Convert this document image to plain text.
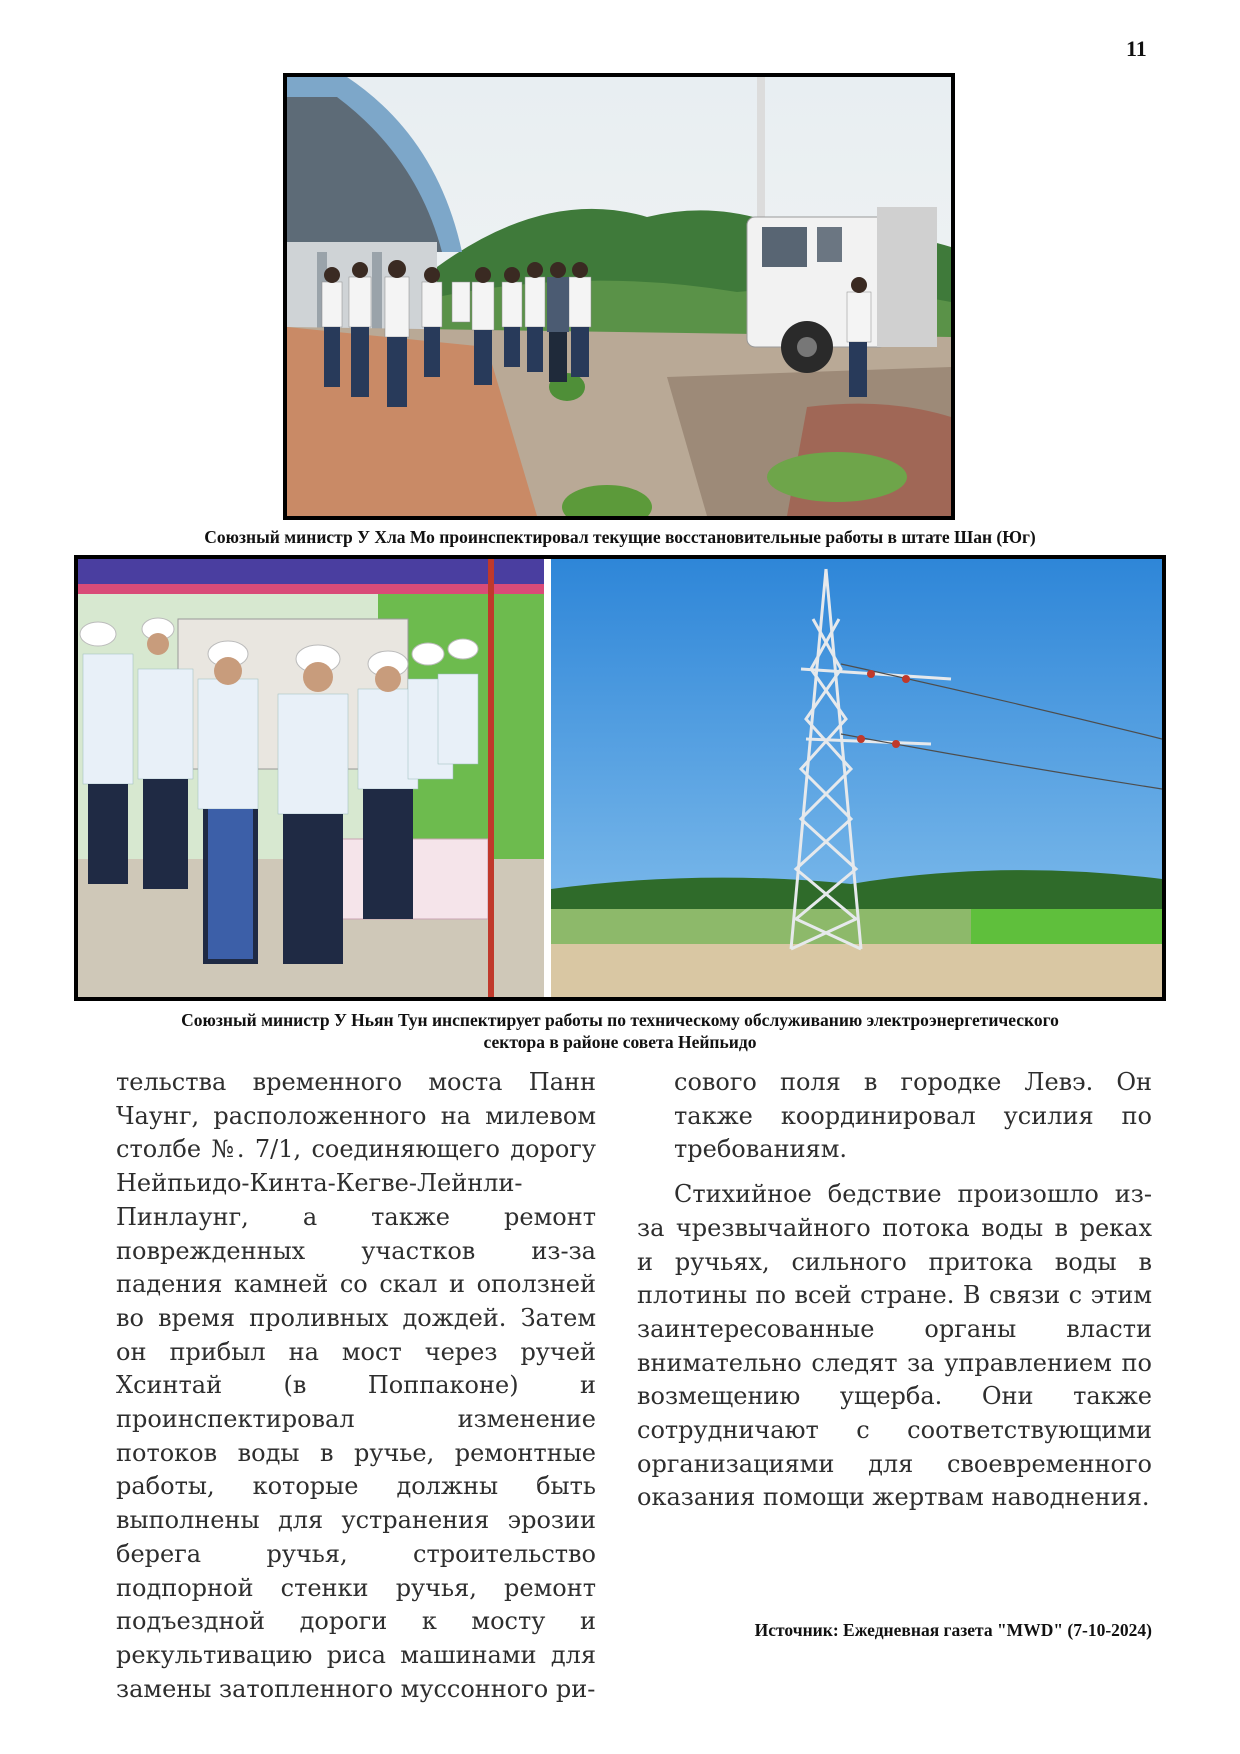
11
Союзный министр У Хла Мо проинспектировал текущие восстановительные работы в штате Шан (Юг)
Союзный министр У Ньян Тун инспектирует работы по техническому обслуживанию электроэнергетического
сектора в районе совета Нейпьидо

тельства временного моста Панн Чаунг, расположенного на милевом столбе №. 7/1, соединяющего дорогу Нейпьидо-Кинта-Кегве-Лейнли-Пинлаунг, а также ремонт поврежденных участков из-за падения камней со скал и оползней во время проливных дождей. Затем он прибыл на мост через ручей Хсинтай (в Поппаконе) и проинспектировал изменение потоков воды в ручье, ремонтные работы, которые должны быть выполнены для устранения эрозии берега ручья, строительство подпорной стенки ручья, ремонт подъездной дороги к мосту и рекультивацию риса машинами для замены затопленного муссонного ри-

сового поля в городке Левэ. Он также координировал усилия по требованиям.

Стихийное бедствие произошло из-за чрезвычайного потока воды в реках и ручьях, сильного притока воды в плотины по всей стране. В связи с этим заинтересованные органы власти внимательно следят за управлением по возмещению ущерба. Они также сотрудничают с соответствующими организациями для своевременного оказания помощи жертвам наводнения.

Источник: Ежедневная газета "MWD" (7-10-2024)
